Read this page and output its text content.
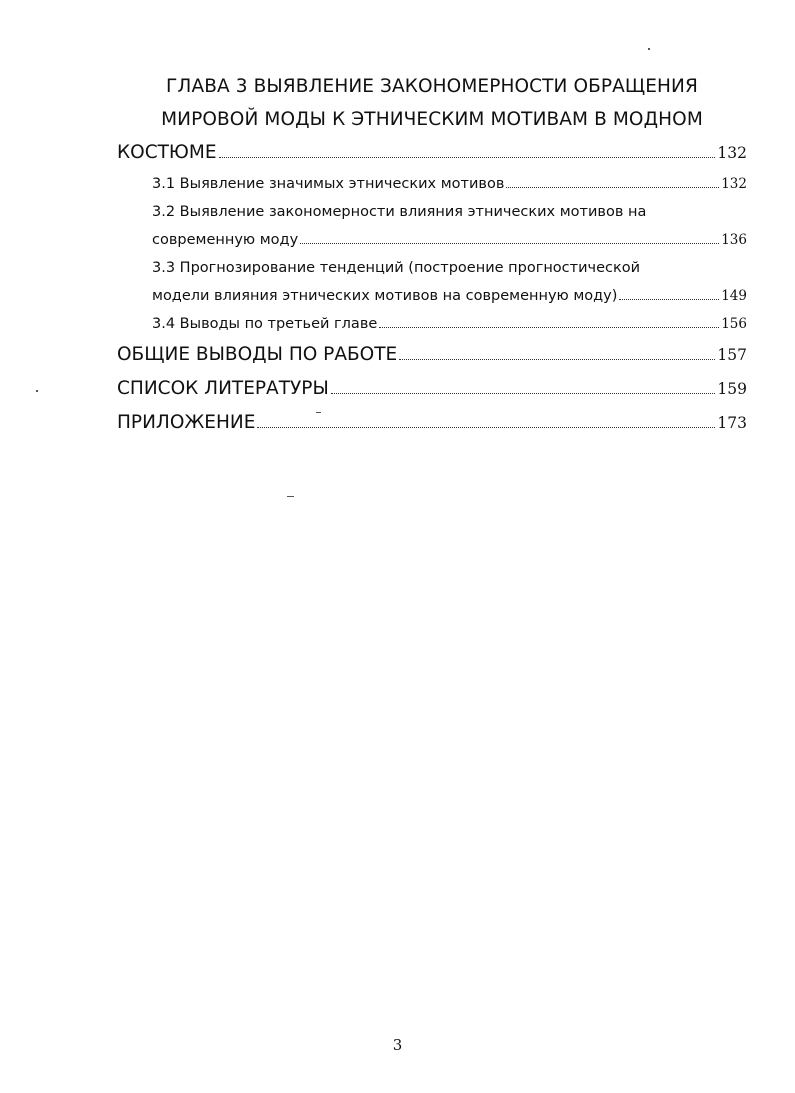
ГЛАВА 3 ВЫЯВЛЕНИЕ ЗАКОНОМЕРНОСТИ ОБРАЩЕНИЯ
МИРОВОЙ МОДЫ К ЭТНИЧЕСКИМ МОТИВАМ В МОДНОМ
КОСТЮМЕ	132
3.1 Выявление значимых этнических мотивов	132
3.2 Выявление закономерности влияния этнических мотивов на
современную моду	136
3.3 Прогнозирование тенденций (построение прогностической
модели влияния этнических мотивов на современную моду)	149
3.4 Выводы по третьей главе	156
ОБЩИЕ ВЫВОДЫ ПО РАБОТЕ	157
СПИСОК ЛИТЕРАТУРЫ	159
ПРИЛОЖЕНИЕ	173
3
